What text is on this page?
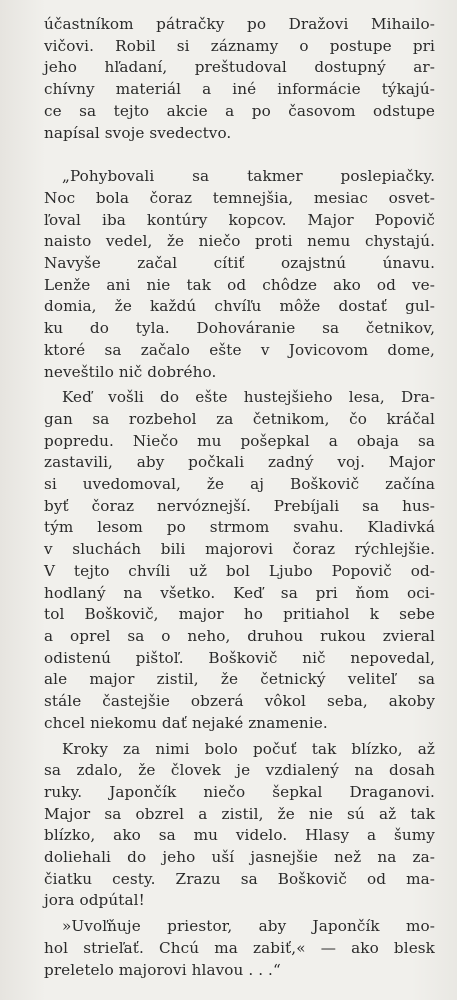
účastníkom pátračky po Dražovi Mihailo-
vičovi. Robil si záznamy o postupe pri
jeho hľadaní, preštudoval dostupný ar-
chívny materiál a iné informácie týkajú-
ce sa tejto akcie a po časovom odstupe
napísal svoje svedectvo.
„Pohybovali sa takmer poslepiačky.
Noc bola čoraz temnejšia, mesiac osvet-
ľoval iba kontúry kopcov. Major Popovič
naisto vedel, že niečo proti nemu chystajú.
Navyše začal cítiť ozajstnú únavu.
Lenže ani nie tak od chôdze ako od ve-
domia, že každú chvíľu môže dostať gul-
ku do tyla. Dohováranie sa četnikov,
ktoré sa začalo ešte v Jovicovom dome,
neveštilo nič dobrého.
Keď vošli do ešte hustejšieho lesa, Dra-
gan sa rozbehol za četnikom, čo kráčal
popredu. Niečo mu pošepkal a obaja sa
zastavili, aby počkali zadný voj. Major
si uvedomoval, že aj Boškovič začína
byť čoraz nervóznejší. Prebíjali sa hus-
tým lesom po strmom svahu. Kladivká
v sluchách bili majorovi čoraz rýchlejšie.
V tejto chvíli už bol Ljubo Popovič od-
hodlaný na všetko. Keď sa pri ňom oci-
tol Boškovič, major ho pritiahol k sebe
a oprel sa o neho, druhou rukou zvieral
odistenú pištoľ. Boškovič nič nepovedal,
ale major zistil, že četnický veliteľ sa
stále častejšie obzerá vôkol seba, akoby
chcel niekomu dať nejaké znamenie.
Kroky za nimi bolo počuť tak blízko, až
sa zdalo, že človek je vzdialený na dosah
ruky. Japončík niečo šepkal Draganovi.
Major sa obzrel a zistil, že nie sú až tak
blízko, ako sa mu videlo. Hlasy a šumy
doliehali do jeho uší jasnejšie než na za-
čiatku cesty. Zrazu sa Boškovič od ma-
jora odpútal!
»Uvoľňuje priestor, aby Japončík mo-
hol strieľať. Chcú ma zabiť,« — ako blesk
preletelo majorovi hlavou . . .“
